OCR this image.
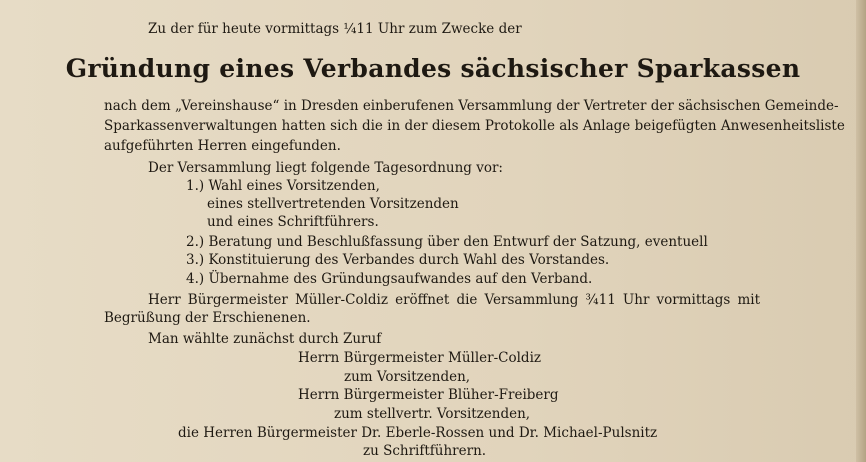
Zu der für heute vormittags ¼11 Uhr zum Zwecke der
Gründung eines Verbandes sächsischer Sparkassen
nach dem „Vereinshause“ in Dresden einberufenen Versammlung der Vertreter der sächsischen Gemeinde-
Sparkassenverwaltungen hatten sich die in der diesem Protokolle als Anlage beigefügten Anwesenheitsliste
aufgeführten Herren eingefunden.
Der Versammlung liegt folgende Tagesordnung vor:
1.) Wahl eines Vorsitzenden,
eines stellvertretenden Vorsitzenden
und eines Schriftführers.
2.) Beratung und Beschlußfassung über den Entwurf der Satzung, eventuell
3.) Konstituierung des Verbandes durch Wahl des Vorstandes.
4.) Übernahme des Gründungsaufwandes auf den Verband.
Herr Bürgermeister Müller-Coldiz eröffnet die Versammlung ¾11 Uhr vormittags mit
Begrüßung der Erschienenen.
Man wählte zunächst durch Zuruf
Herrn Bürgermeister Müller-Coldiz
zum Vorsitzenden,
Herrn Bürgermeister Blüher-Freiberg
zum stellvertr. Vorsitzenden,
die Herren Bürgermeister Dr. Eberle-Rossen und Dr. Michael-Pulsnitz
zu Schriftführern.
